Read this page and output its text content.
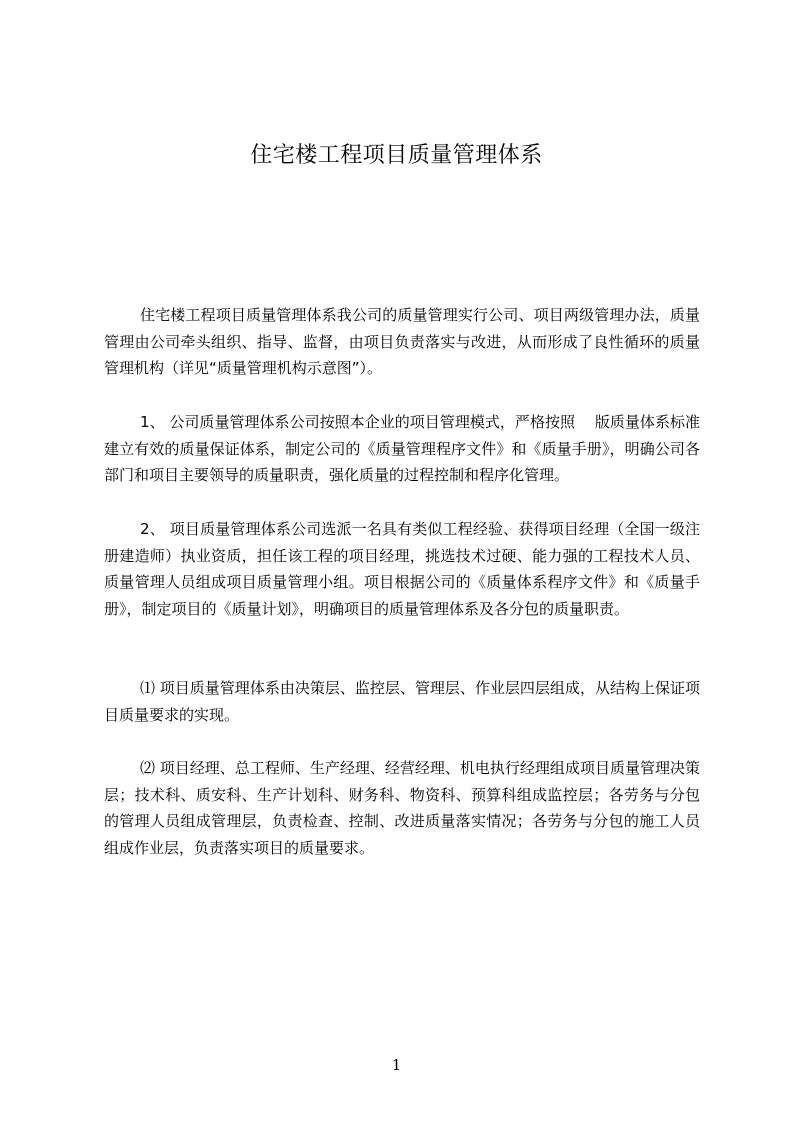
住宅楼工程项目质量管理体系

住宅楼工程项目质量管理体系我公司的质量管理实行公司、项目两级管理办法，质量管理由公司牵头组织、指导、监督，由项目负责落实与改进，从而形成了良性循环的质量管理机构（详见“质量管理机构示意图”）。

1、 公司质量管理体系公司按照本企业的项目管理模式，严格按照　 版质量体系标准建立有效的质量保证体系，制定公司的《质量管理程序文件》和《质量手册》，明确公司各部门和项目主要领导的质量职责，强化质量的过程控制和程序化管理。

2、 项目质量管理体系公司选派一名具有类似工程经验、获得项目经理（全国一级注册建造师）执业资质，担任该工程的项目经理，挑选技术过硬、能力强的工程技术人员、质量管理人员组成项目质量管理小组。项目根据公司的《质量体系程序文件》和《质量手册》，制定项目的《质量计划》，明确项目的质量管理体系及各分包的质量职责。

⑴ 项目质量管理体系由决策层、监控层、管理层、作业层四层组成，从结构上保证项目质量要求的实现。

⑵ 项目经理、总工程师、生产经理、经营经理、机电执行经理组成项目质量管理决策层；技术科、质安科、生产计划科、财务科、物资科、预算科组成监控层；各劳务与分包的管理人员组成管理层，负责检查、控制、改进质量落实情况；各劳务与分包的施工人员组成作业层，负责落实项目的质量要求。

1
